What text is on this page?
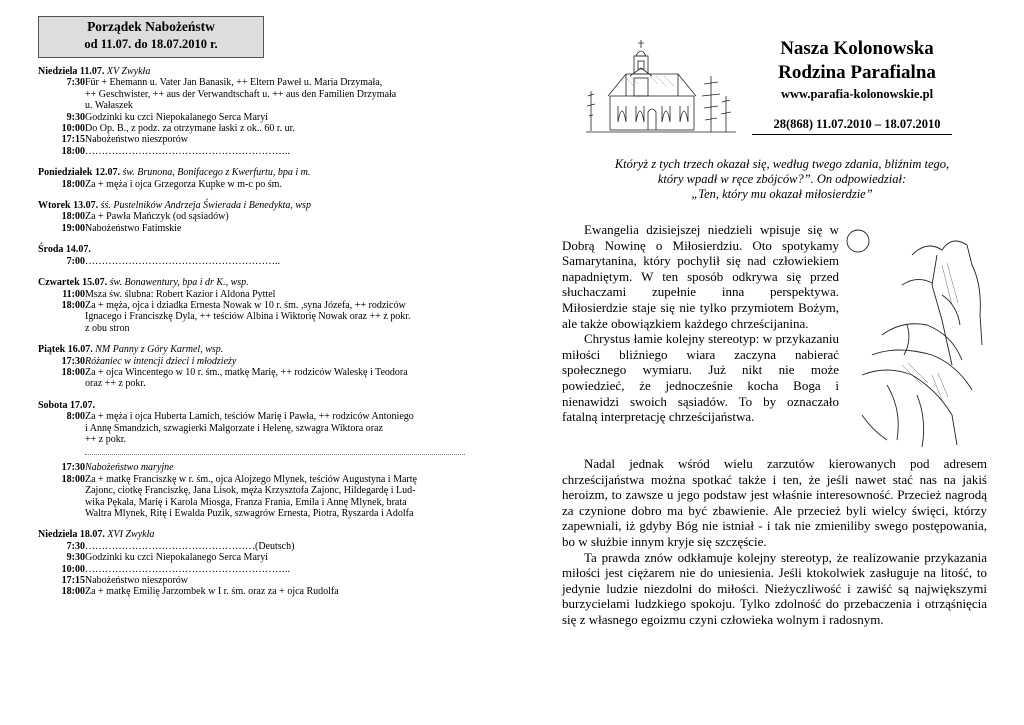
Porządek Nabożeństw
od 11.07. do 18.07.2010 r.
Niedziela 11.07. XV Zwykła
7:30 Für + Ehemann u. Vater Jan Banasik, ++ Eltern Paweł u. Maria Drzymała,
++ Geschwister, ++ aus der Verwandtschaft u. ++ aus den Familien Drzymała
u. Wałaszek
9:30 Godzinki ku czci Niepokalanego Serca Maryi
10:00 Do Op. B., z podz. za otrzymane łaski z ok.. 60 r. ur.
17:15 Nabożeństwo nieszporów
18:00 ……………………………………………………..
Poniedziałek 12.07. św. Brunona, Bonifacego z Kwerfurtu, bpa i m.
18:00 Za + męża i ojca Grzegorza Kupke w m-c po śm.
Wtorek 13.07. śś. Pustelników Andrzeja Świerada i Benedykta, wsp
18:00 Za + Pawła Mańczyk (od sąsiadów)
19:00 Nabożeństwo Fatimskie
Środa 14.07.
7:00 …………………………………………………..
Czwartek 15.07. św. Bonawentury, bpa i dr K., wsp.
11:00 Msza św. ślubna: Robert Kazior i Aldona Pyttel
18:00 Za + męża, ojca i dziadka Ernesta Nowak w 10 r. śm. ,syna Józefa, ++ rodziców
Ignacego i Franciszkę Dyla, ++ teściów Albina i Wiktorię Nowak oraz ++ z pokr.
z obu stron
Piątek 16.07. NM Panny z Góry Karmel, wsp.
17:30 Różaniec w intencji dzieci i młodzieży
18:00 Za + ojca Wincentego w 10 r. śm., matkę Marię, ++ rodziców Waleskę i Teodora
oraz ++ z pokr.
Sobota 17.07.
8:00 Za + męża i ojca Huberta Lamich, teściów Marię i Pawła, ++ rodziców Antoniego
i Annę Smandzich, szwagierki Małgorzate i Helenę, szwagra Wiktora oraz
++ z pokr.
17:30 Nabożeństwo maryjne
18:00 Za + matkę Franciszkę w r. śm., ojca Alojzego Mlynek, teściów Augustyna i Martę
Zajonc, ciotkę Franciszkę, Jana Lisok, męża Krzysztofa Zajonc, Hildegardę i Lud-
wika Pękala, Marię i Karola Miosga, Franza Frania, Emila i Annę Mlynek, brata
Waltra Mlynek, Ritę i Ewalda Puzik, szwagrów Ernesta, Piotra, Ryszarda i Adolfa
Niedziela 18.07. XVI Zwykła
7:30 ……………………………………………(Deutsch)
9:30 Godzinki ku czci Niepokalanego Serca Maryi
10:00 ……………………………………………………..
17:15 Nabożeństwo nieszporów
18:00 Za + matkę Emilię Jarzombek w I r. śm. oraz za + ojca Rudolfa
Nasza Kolonowska
Rodzina Parafialna
www.parafia-kolonowskie.pl
28(868) 11.07.2010 – 18.07.2010
Któryż z tych trzech okazał się, według twego zdania, bliźnim tego,
który wpadł w ręce zbójców?”. On odpowiedział:
„Ten, który mu okazał miłosierdzie”

Ewangelia dzisiejszej niedzieli wpisuje się w Dobrą Nowinę o Miłosierdziu. Oto spotykamy Samarytanina, który pochylił się nad człowiekiem napadniętym. W ten sposób odkrywa się przed słuchaczami zupełnie inna perspektywa. Miłosierdzie staje się nie tylko przymiotem Bożym, ale także obowiązkiem każdego chrześcijanina.

Chrystus łamie kolejny stereotyp: w przykazaniu miłości bliźniego wiara zaczyna nabierać społecznego wymiaru. Już nikt nie może powiedzieć, że jednocześnie kocha Boga i nienawidzi swoich sąsiadów. To by oznaczało fatalną interpretację chrześcijaństwa.

Nadal jednak wśród wielu zarzutów kierowanych pod adresem chrześcijaństwa można spotkać także i ten, że jeśli nawet stać nas na jakiś heroizm, to zawsze u jego podstaw jest właśnie interesowność. Przecież nagrodą za czynione dobro ma być zbawienie. Ale przecież byli wielcy święci, którzy zapewniali, iż gdyby Bóg nie istniał - i tak nie zmieniliby swego postępowania, bo w służbie innym kryje się szczęście.

Ta prawda znów odkłamuje kolejny stereotyp, że realizowanie przykazania miłości jest ciężarem nie do uniesienia. Jeśli ktokolwiek zasługuje na litość, to jedynie ludzie niezdolni do miłości. Nieżyczliwość i zawiść są największymi burzycielami ludzkiego spokoju. Tylko zdolność do przebaczenia i otrząśnięcia się z własnego egoizmu czyni człowieka wolnym i radosnym.
